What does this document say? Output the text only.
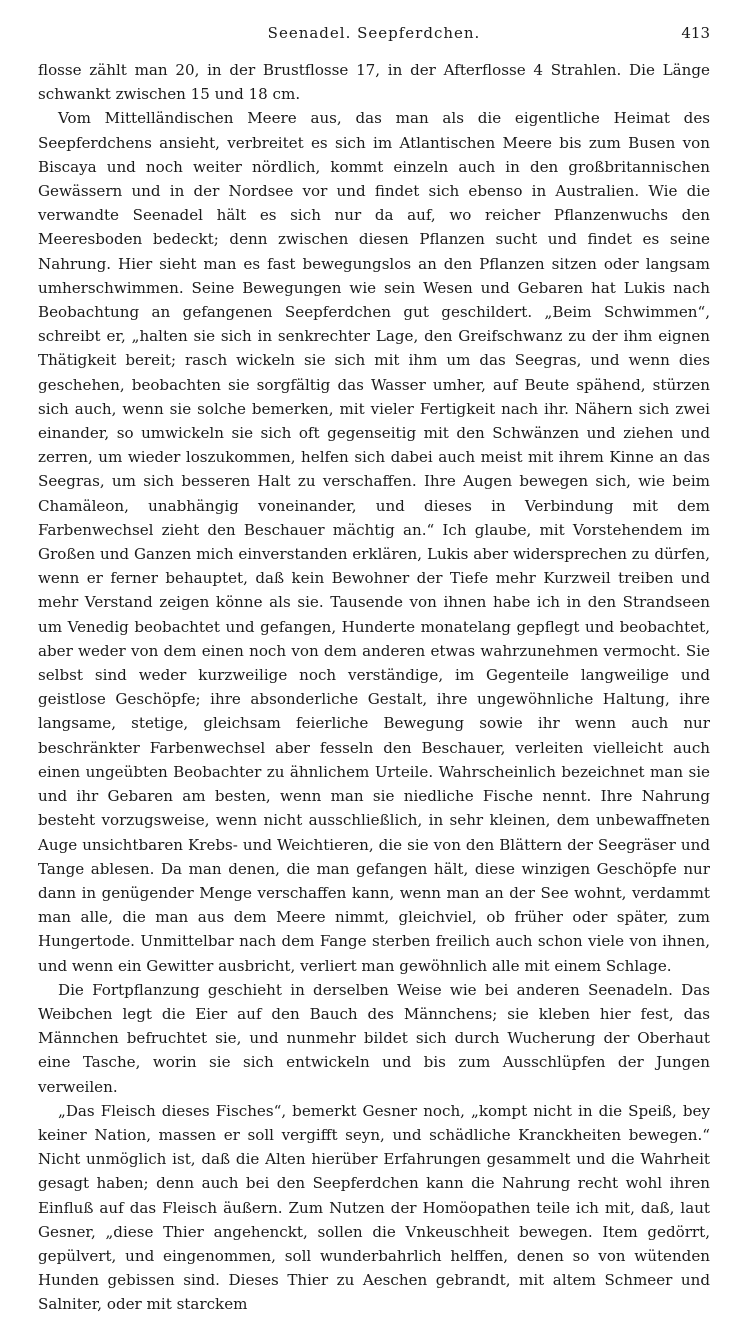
Seenadel. Seepferdchen.	413

flosse zählt man 20, in der Brustflosse 17, in der Afterflosse 4 Strahlen. Die Länge schwankt zwischen 15 und 18 cm.

Vom Mittelländischen Meere aus, das man als die eigentliche Heimat des Seepferdchens ansieht, verbreitet es sich im Atlantischen Meere bis zum Busen von Biscaya und noch weiter nördlich, kommt einzeln auch in den großbritannischen Gewässern und in der Nordsee vor und findet sich ebenso in Australien. Wie die verwandte Seenadel hält es sich nur da auf, wo reicher Pflanzenwuchs den Meeresboden bedeckt; denn zwischen diesen Pflanzen sucht und findet es seine Nahrung. Hier sieht man es fast bewegungslos an den Pflanzen sitzen oder langsam umherschwimmen. Seine Bewegungen wie sein Wesen und Gebaren hat Lukis nach Beobachtung an gefangenen Seepferdchen gut geschildert. „Beim Schwimmen“, schreibt er, „halten sie sich in senkrechter Lage, den Greifschwanz zu der ihm eignen Thätigkeit bereit; rasch wickeln sie sich mit ihm um das Seegras, und wenn dies geschehen, beobachten sie sorgfältig das Wasser umher, auf Beute spähend, stürzen sich auch, wenn sie solche bemerken, mit vieler Fertigkeit nach ihr. Nähern sich zwei einander, so umwickeln sie sich oft gegenseitig mit den Schwänzen und ziehen und zerren, um wieder loszukommen, helfen sich dabei auch meist mit ihrem Kinne an das Seegras, um sich besseren Halt zu verschaffen. Ihre Augen bewegen sich, wie beim Chamäleon, unabhängig voneinander, und dieses in Verbindung mit dem Farbenwechsel zieht den Beschauer mächtig an.“ Ich glaube, mit Vorstehendem im Großen und Ganzen mich einverstanden erklären, Lukis aber widersprechen zu dürfen, wenn er ferner behauptet, daß kein Bewohner der Tiefe mehr Kurzweil treiben und mehr Verstand zeigen könne als sie. Tausende von ihnen habe ich in den Strandseen um Venedig beobachtet und gefangen, Hunderte monatelang gepflegt und beobachtet, aber weder von dem einen noch von dem anderen etwas wahrzunehmen vermocht. Sie selbst sind weder kurzweilige noch verständige, im Gegenteile langweilige und geistlose Geschöpfe; ihre absonderliche Gestalt, ihre ungewöhnliche Haltung, ihre langsame, stetige, gleichsam feierliche Bewegung sowie ihr wenn auch nur beschränkter Farbenwechsel aber fesseln den Beschauer, verleiten vielleicht auch einen ungeübten Beobachter zu ähnlichem Urteile. Wahrscheinlich bezeichnet man sie und ihr Gebaren am besten, wenn man sie niedliche Fische nennt. Ihre Nahrung besteht vorzugsweise, wenn nicht ausschließlich, in sehr kleinen, dem unbewaffneten Auge unsichtbaren Krebs- und Weichtieren, die sie von den Blättern der Seegräser und Tange ablesen. Da man denen, die man gefangen hält, diese winzigen Geschöpfe nur dann in genügender Menge verschaffen kann, wenn man an der See wohnt, verdammt man alle, die man aus dem Meere nimmt, gleichviel, ob früher oder später, zum Hungertode. Unmittelbar nach dem Fange sterben freilich auch schon viele von ihnen, und wenn ein Gewitter ausbricht, verliert man gewöhnlich alle mit einem Schlage.

Die Fortpflanzung geschieht in derselben Weise wie bei anderen Seenadeln. Das Weibchen legt die Eier auf den Bauch des Männchens; sie kleben hier fest, das Männchen befruchtet sie, und nunmehr bildet sich durch Wucherung der Oberhaut eine Tasche, worin sie sich entwickeln und bis zum Ausschlüpfen der Jungen verweilen.

„Das Fleisch dieses Fisches“, bemerkt Gesner noch, „kompt nicht in die Speiß, bey keiner Nation, massen er soll vergifft seyn, und schädliche Kranckheiten bewegen.“ Nicht unmöglich ist, daß die Alten hierüber Erfahrungen gesammelt und die Wahrheit gesagt haben; denn auch bei den Seepferdchen kann die Nahrung recht wohl ihren Einfluß auf das Fleisch äußern. Zum Nutzen der Homöopathen teile ich mit, daß, laut Gesner, „diese Thier angehenckt, sollen die Vnkeuschheit bewegen. Item gedörrt, gepülvert, und eingenommen, soll wunderbahrlich helffen, denen so von wütenden Hunden gebissen sind. Dieses Thier zu Aeschen gebrandt, mit altem Schmeer und Salniter, oder mit starckem
